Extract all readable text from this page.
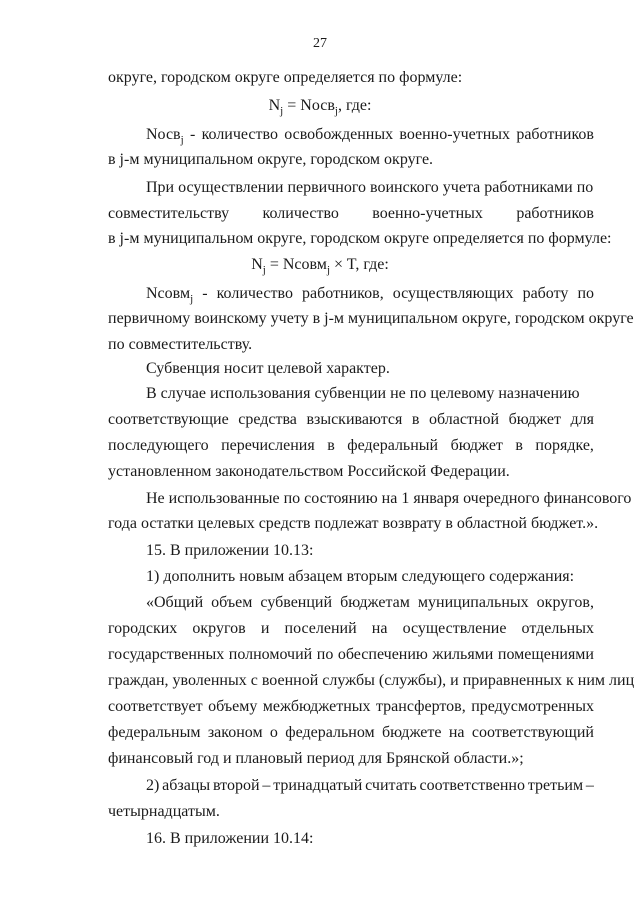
27
округе, городском округе определяется по формуле:
$N_j$ = Nосв$_j$, где:
Nосв$_j$ - количество освобожденных военно-учетных работников
в j-м муниципальном округе, городском округе.
При осуществлении первичного воинского учета работниками по
совместительству количество военно-учетных работников
в j-м муниципальном округе, городском округе определяется по формуле:
$N_j$ = Nсовм$_j$ × T, где:
Nсовм$_j$ - количество работников, осуществляющих работу по
первичному воинскому учету в j-м муниципальном округе, городском округе
по совместительству.
Субвенция носит целевой характер.
В случае использования субвенции не по целевому назначению
соответствующие средства взыскиваются в областной бюджет для
последующего перечисления в федеральный бюджет в порядке,
установленном законодательством Российской Федерации.
Не использованные по состоянию на 1 января очередного финансового
года остатки целевых средств подлежат возврату в областной бюджет.».
15. В приложении 10.13:
1) дополнить новым абзацем вторым следующего содержания:
«Общий объем субвенций бюджетам муниципальных округов,
городских округов и поселений на осуществление отдельных
государственных полномочий по обеспечению жильями помещениями
граждан, уволенных с военной службы (службы), и приравненных к ним лиц
соответствует объему межбюджетных трансфертов, предусмотренных
федеральным законом о федеральном бюджете на соответствующий
финансовый год и плановый период для Брянской области.»;
2) абзацы второй – тринадцатый считать соответственно третьим –
четырнадцатым.
16. В приложении 10.14:
